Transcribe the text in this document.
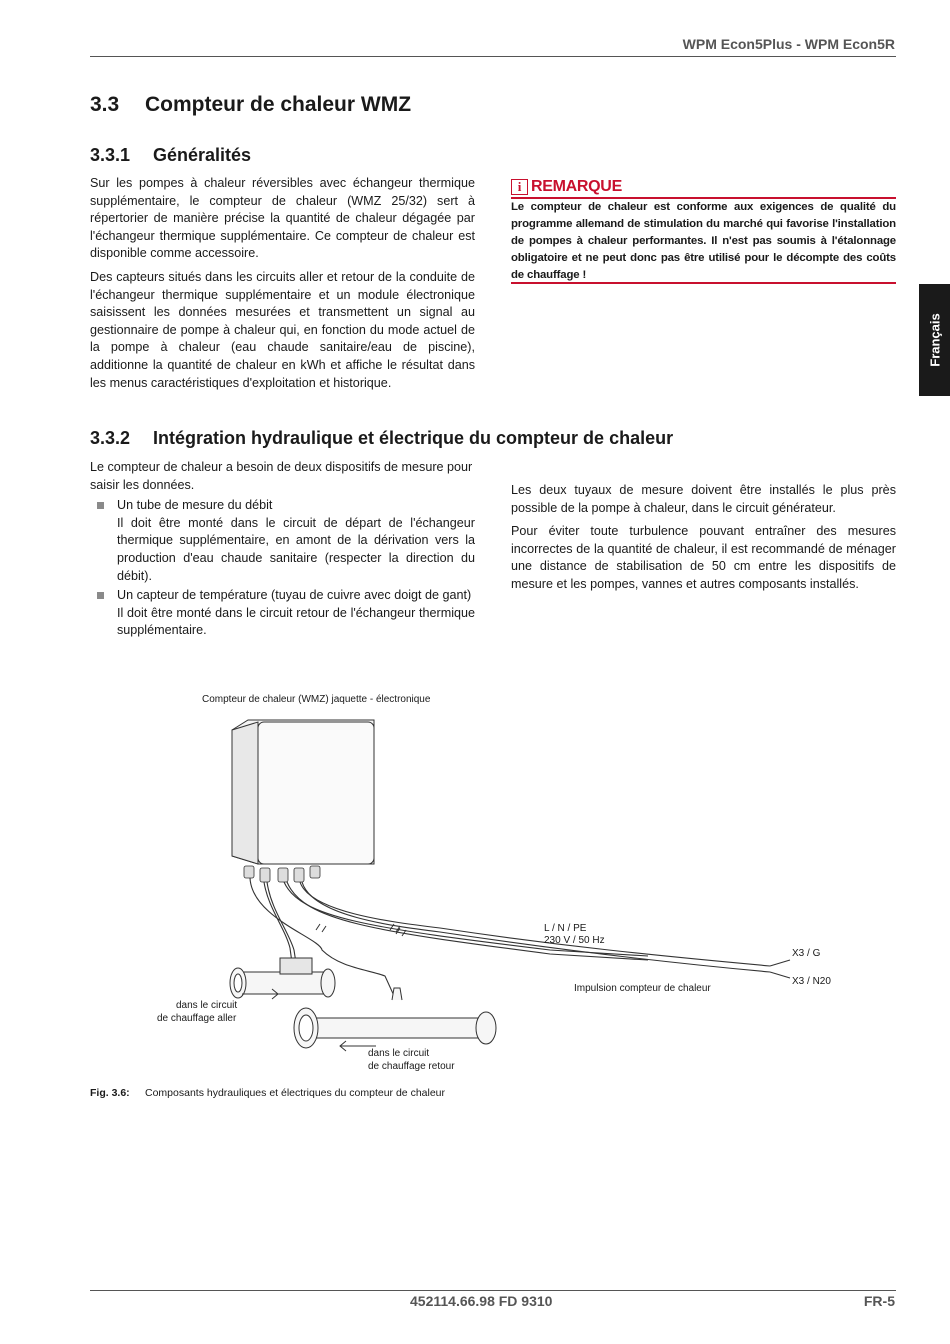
WPM Econ5Plus - WPM Econ5R
3.3 Compteur de chaleur WMZ
3.3.1 Généralités

Sur les pompes à chaleur réversibles avec échangeur thermique supplémentaire, le compteur de chaleur (WMZ 25/32) sert à répertorier de manière précise la quantité de chaleur dégagée par l'échangeur thermique supplémentaire. Ce compteur de chaleur est disponible comme accessoire.

Des capteurs situés dans les circuits aller et retour de la conduite de l'échangeur thermique supplémentaire et un module électronique saisissent les données mesurées et transmettent un signal au gestionnaire de pompe à chaleur qui, en fonction du mode actuel de la pompe à chaleur (eau chaude sanitaire/eau de piscine), additionne la quantité de chaleur en kWh et affiche le résultat dans les menus caractéristiques d'exploitation et historique.

i REMARQUE
Le compteur de chaleur est conforme aux exigences de qualité du programme allemand de stimulation du marché qui favorise l'installation de pompes à chaleur performantes. Il n'est pas soumis à l'étalonnage obligatoire et ne peut donc pas être utilisé pour le décompte des coûts de chauffage !
Français
3.3.2 Intégration hydraulique et électrique du compteur de chaleur

Le compteur de chaleur a besoin de deux dispositifs de mesure pour saisir les données.

Un tube de mesure du débit
Il doit être monté dans le circuit de départ de l'échangeur thermique supplémentaire, en amont de la dérivation vers la production d'eau chaude sanitaire (respecter la direction du débit).
Un capteur de température (tuyau de cuivre avec doigt de gant)
Il doit être monté dans le circuit retour de l'échangeur thermique supplémentaire.

Les deux tuyaux de mesure doivent être installés le plus près possible de la pompe à chaleur, dans le circuit générateur.

Pour éviter toute turbulence pouvant entraîner des mesures incorrectes de la quantité de chaleur, il est recommandé de ménager une distance de stabilisation de 50 cm entre les dispositifs de mesure et les pompes, vannes et autres composants installés.

Compteur de chaleur (WMZ) jaquette - électronique
dans le circuit
de chauffage aller
dans le circuit
de chauffage retour
L / N / PE
230 V / 50 Hz
X3 / G
X3 / N20
Impulsion compteur de chaleur
Fig. 3.6: Composants hydrauliques et électriques du compteur de chaleur
452114.66.98 FD 9310	FR-5
